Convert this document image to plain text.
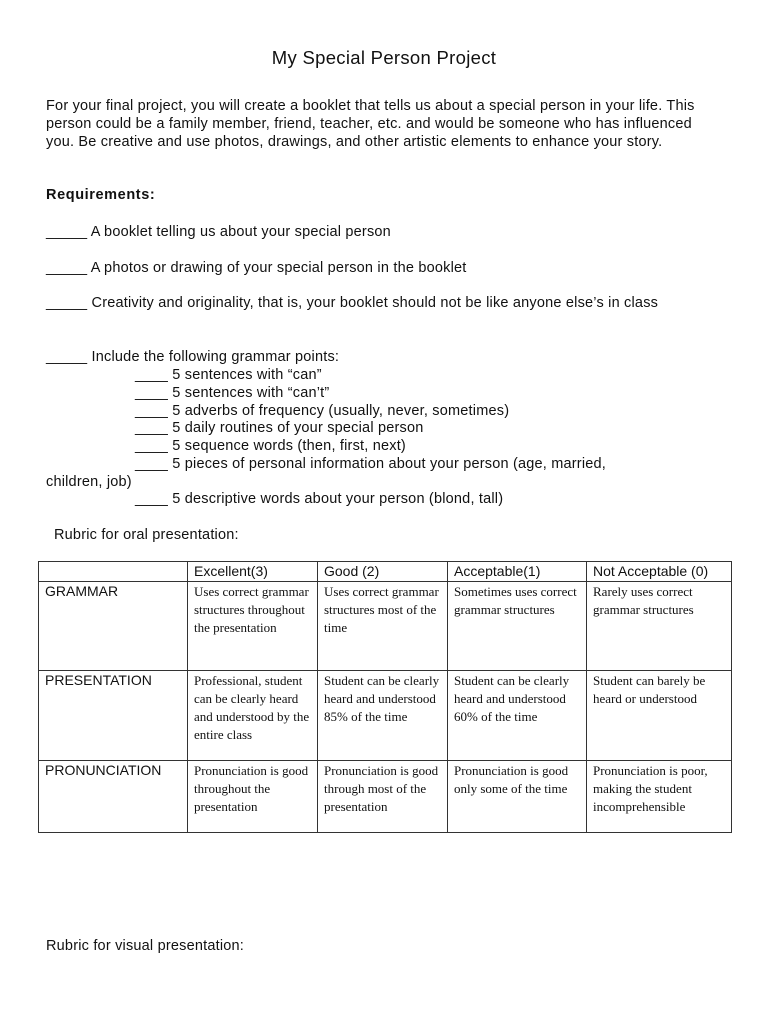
My Special Person Project
For your final project, you will create a booklet that tells us about a special person in your life. This person could be a family member, friend, teacher, etc. and would be someone who has influenced you. Be creative and use photos, drawings, and other artistic elements to enhance your story.
Requirements:
_____ A booklet telling us about your special person
_____ A photos or drawing of your special person in the booklet
_____ Creativity and originality, that is, your booklet should not be like anyone else’s in class
_____ Include the following grammar points:
____ 5 sentences with “can”
____ 5 sentences with “can’t”
____ 5 adverbs of frequency (usually, never, sometimes)
____ 5 daily routines of your special person
____ 5 sequence words (then, first, next)
____ 5 pieces of personal information about your person (age, married,
children, job)
____ 5 descriptive words about your person (blond, tall)
Rubric for oral presentation:
	Excellent(3)	Good (2)	Acceptable(1)	Not Acceptable (0)
GRAMMAR	Uses correct grammar structures throughout the presentation	Uses correct grammar structures most of the time	Sometimes uses correct grammar structures	Rarely uses correct grammar structures
PRESENTATION	Professional, student can be clearly heard and understood by the entire class	Student can be clearly heard and understood 85% of the time	Student can be clearly heard and understood 60% of the time	Student can barely be heard or understood
PRONUNCIATION	Pronunciation is good throughout the presentation	Pronunciation is good through most of the presentation	Pronunciation is good only some of the time	Pronunciation is poor, making the student incomprehensible
Rubric for visual presentation:
